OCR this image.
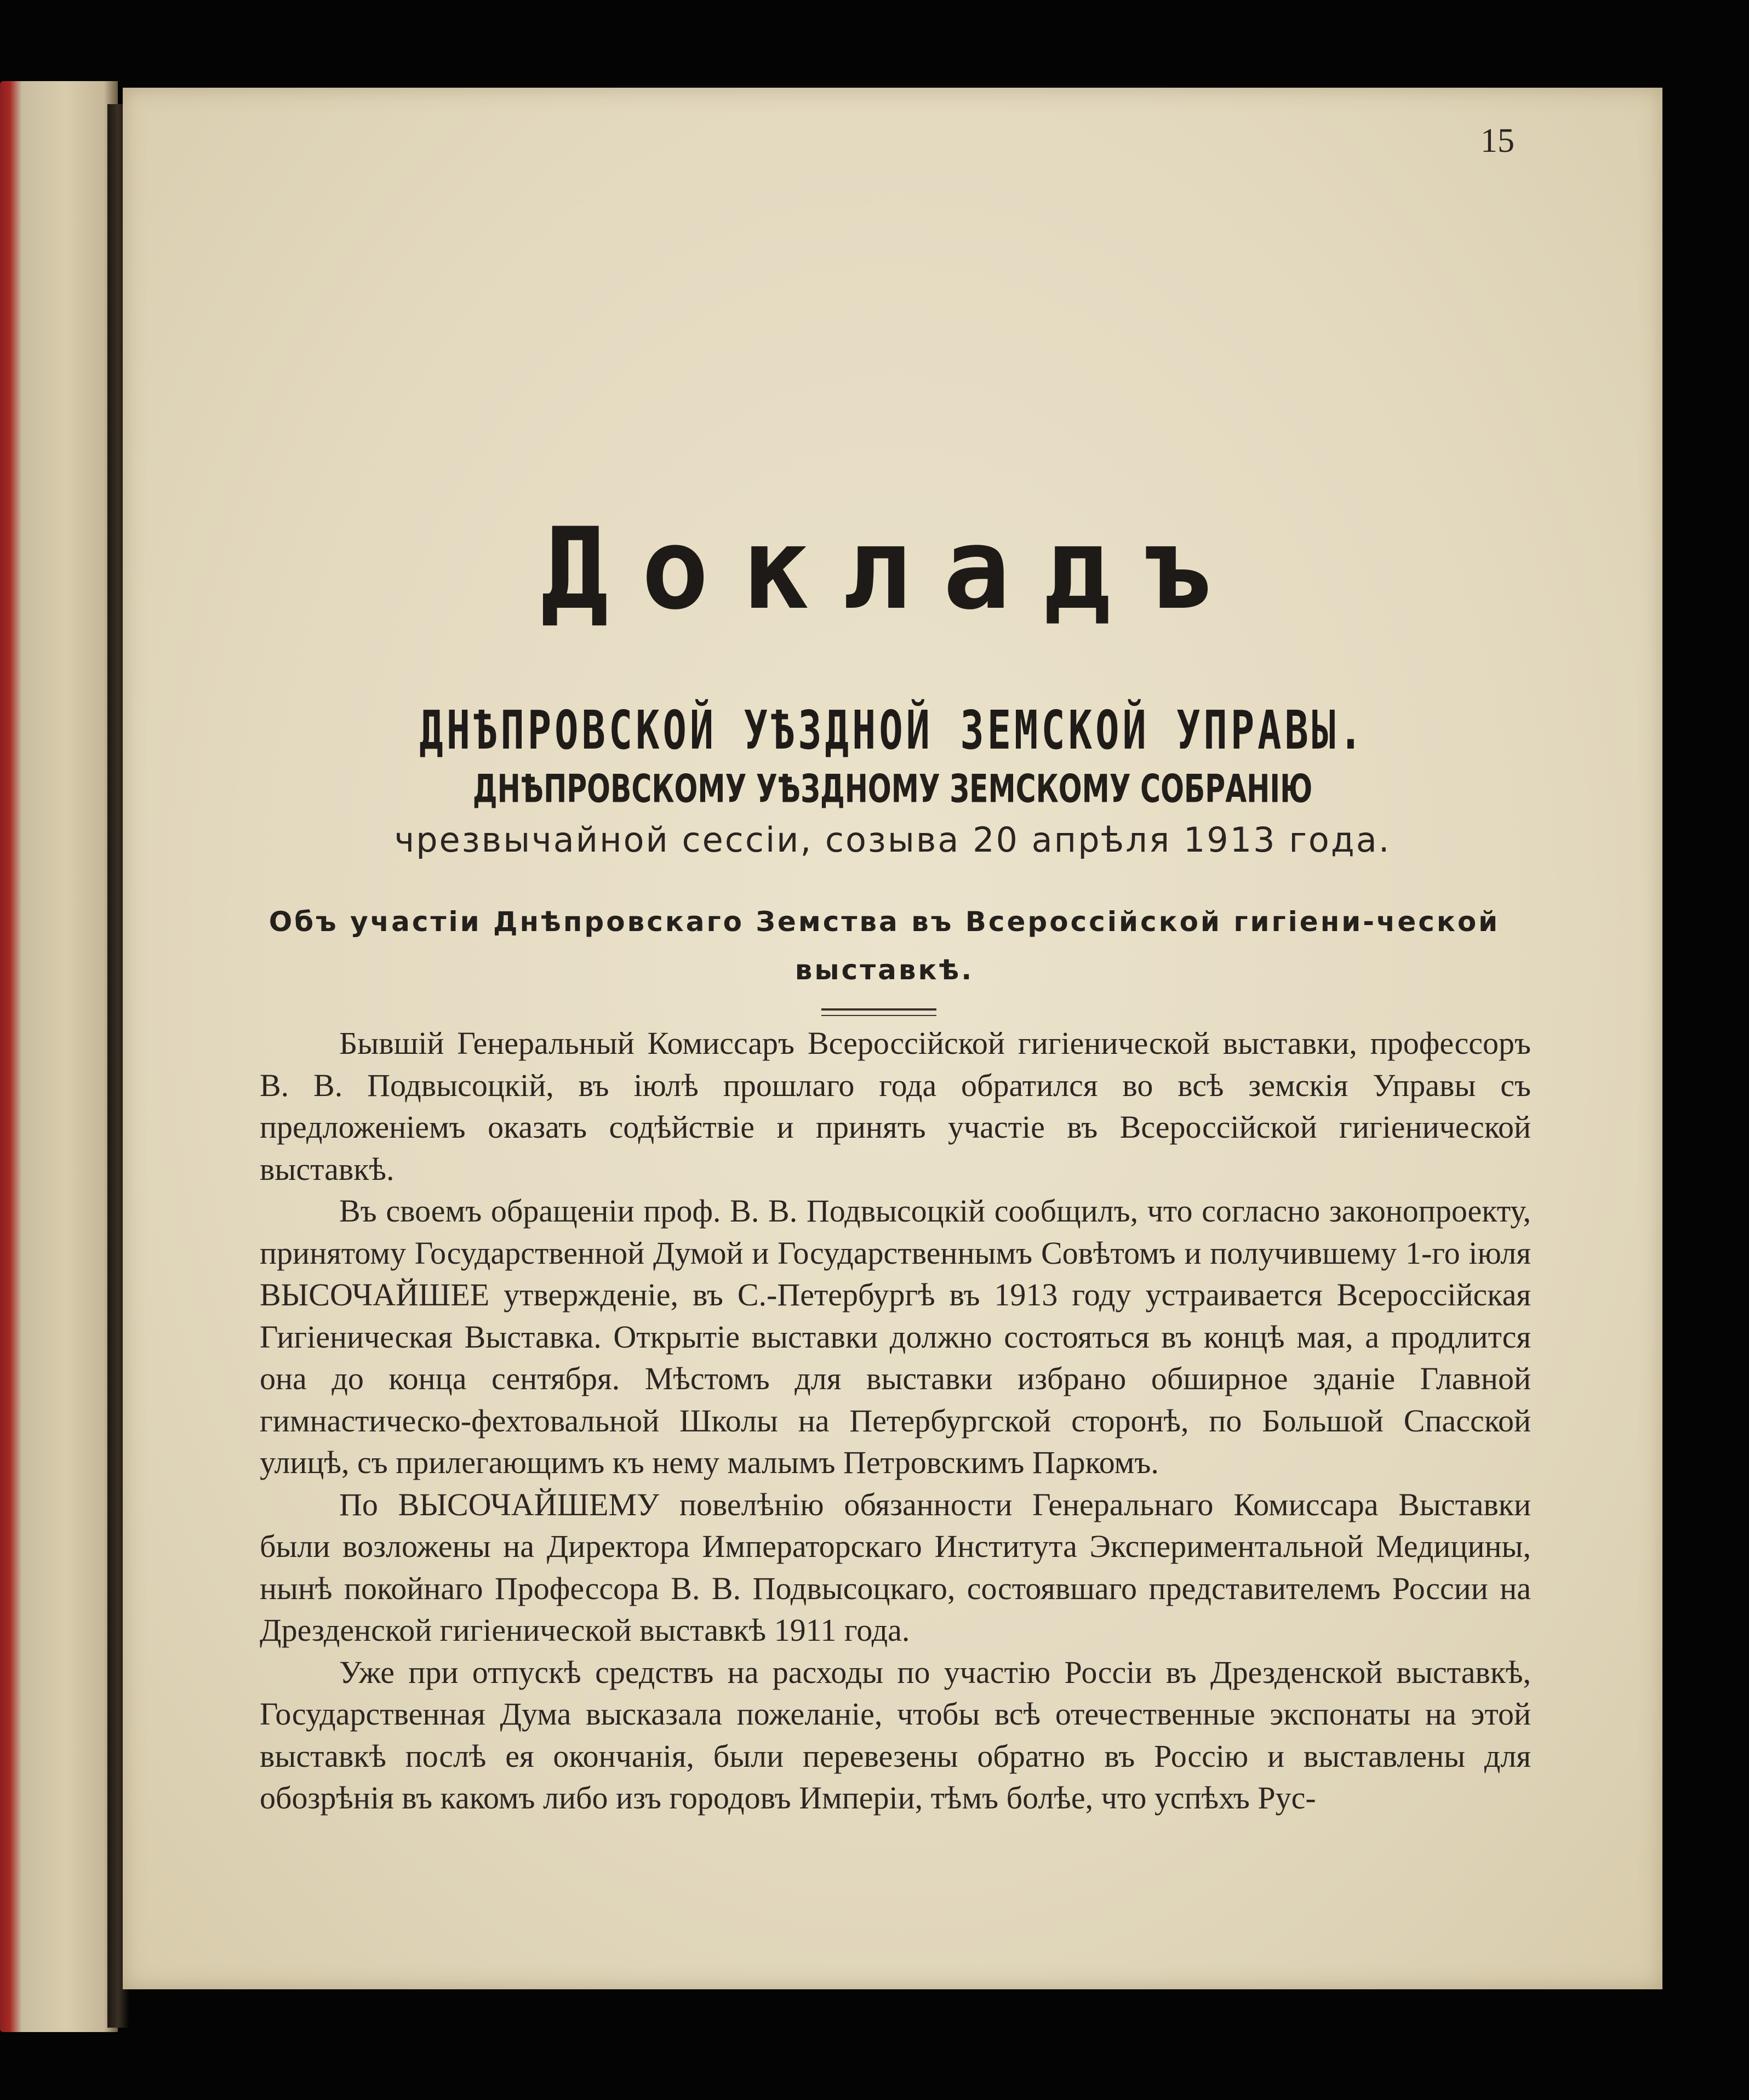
15
Докладъ
ДНѢПРОВСКОЙ УѢЗДНОЙ ЗЕМСКОЙ УПРАВЫ.
ДНѢПРОВСКОМУ УѢЗДНОМУ ЗЕМСКОМУ СОБРАНІЮ
чрезвычайной сессіи, созыва 20 апрѣля 1913 года.
Объ участіи Днѣпровскаго Земства въ Всероссійской гигіени-ческой выставкѣ.

Бывшій Генеральный Комиссаръ Всероссійской гигіенической выставки, профессоръ В. В. Подвысоцкій, въ іюлѣ прошлаго года обратился во всѣ земскія Управы съ предложеніемъ оказать содѣйствіе и принять участіе въ Всероссійской гигіенической выставкѣ.

Въ своемъ обращеніи проф. В. В. Подвысоцкій сообщилъ, что согласно законопроекту, принятому Государственной Думой и Государственнымъ Совѣтомъ и получившему 1-го іюля ВЫСОЧАЙШЕЕ утвержденіе, въ С.-Петербургѣ въ 1913 году устраивается Всероссійская Гигіеническая Выставка. Открытіе выставки должно состояться въ концѣ мая, а продлится она до конца сентября. Мѣстомъ для выставки избрано обширное зданіе Главной гимнастическо-фехтовальной Школы на Петербургской сторонѣ, по Большой Спасской улицѣ, съ прилегающимъ къ нему малымъ Петровскимъ Паркомъ.

По ВЫСОЧАЙШЕМУ повелѣнію обязанности Генеральнаго Комиссара Выставки были возложены на Директора Императорскаго Института Экспериментальной Медицины, нынѣ покойнаго Профессора В. В. Подвысоцкаго, состоявшаго представителемъ России на Дрезденской гигіенической выставкѣ 1911 года.

Уже при отпускѣ средствъ на расходы по участію Россіи въ Дрезденской выставкѣ, Государственная Дума высказала пожеланіе, чтобы всѣ отечественные экспонаты на этой выставкѣ послѣ ея окончанія, были перевезены обратно въ Россію и выставлены для обозрѣнія въ какомъ либо изъ городовъ Имперіи, тѣмъ болѣе, что успѣхъ Рус-
